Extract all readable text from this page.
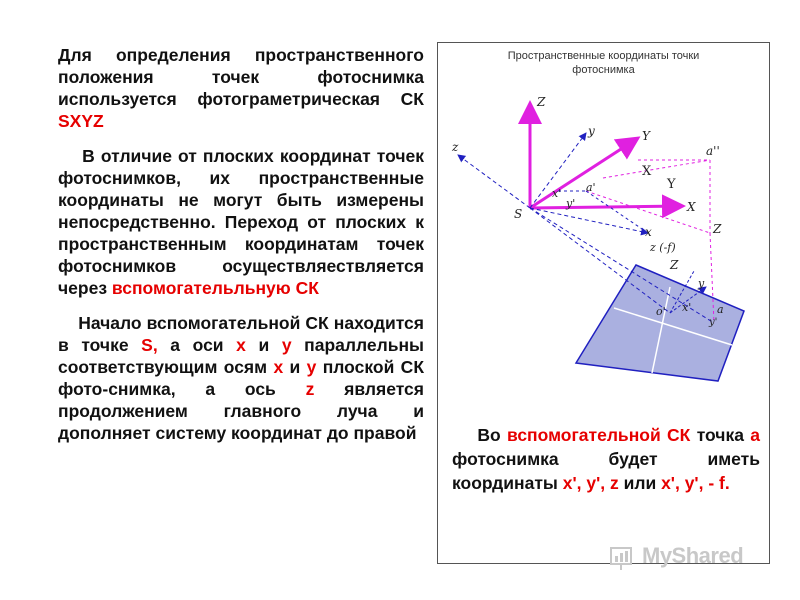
Для определения пространственного положения точек фотоснимка используется фотограметрическая СК SXYZ

В отличие от плоских координат точек фотоснимков, их пространственные координаты не могут быть измерены непосредственно. Переход от плоских к пространственным координатам точек фотоснимков осуществляествляется через вспомогательльную СК

Начало вспомогательной СК находится в точке S, а оси x и y параллельны соответствующим осям x и у плоской СК фото-снимка, а ось z является продолжением главного луча и дополняет систему координат до правой

Пространственные координаты точки
фотоснимка
Z
y	Y
z	a''
X
Y
S
x' a'
y'	X
Z
x
z (-f)
Z
y
o' x' a
y'
Во вспомогательной СК точка а фотоснимка будет иметь координаты x', y', z или x', y', - f.
MyShared
